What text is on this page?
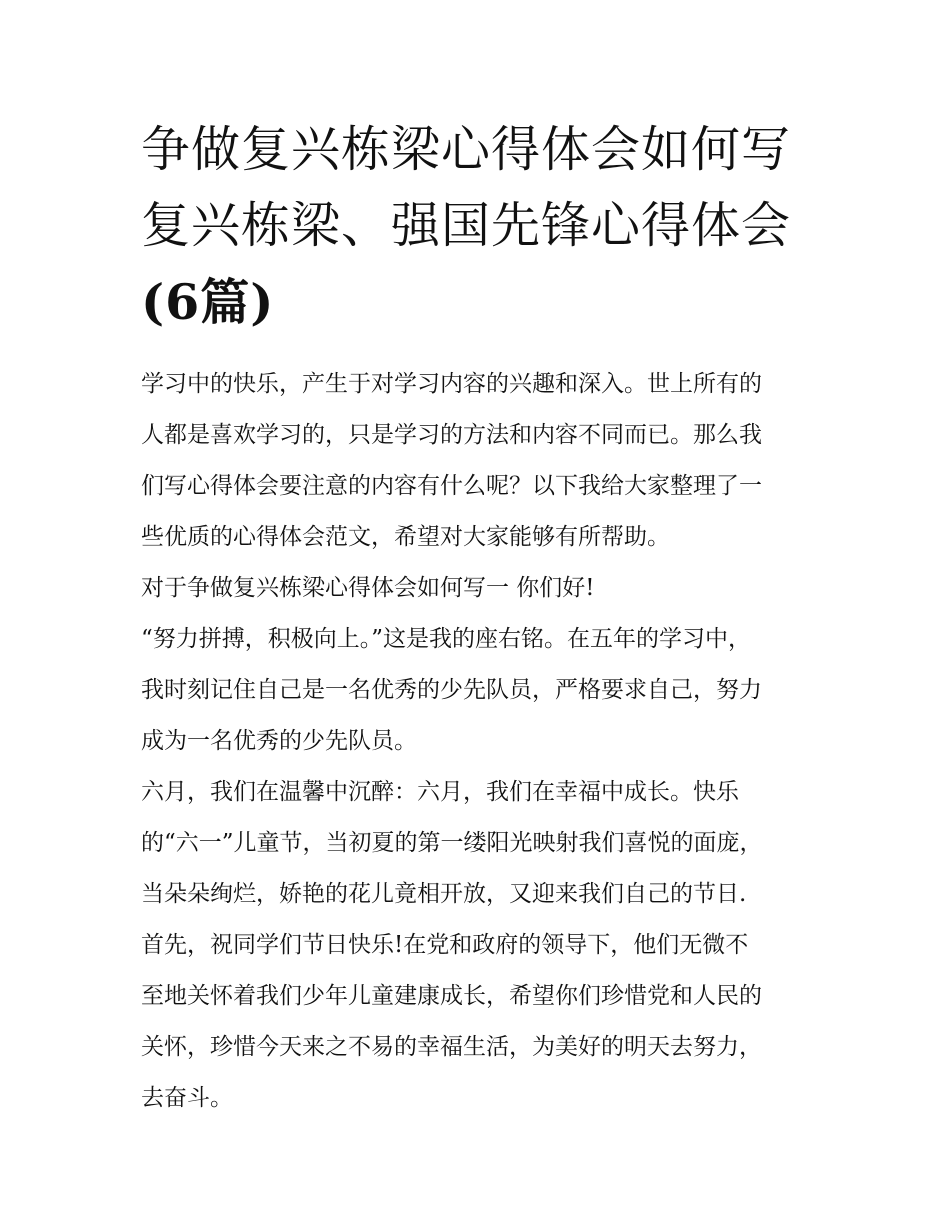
争做复兴栋梁心得体会如何写
复兴栋梁、强国先锋心得体会
(6篇)
学习中的快乐，产生于对学习内容的兴趣和深入。世上所有的
人都是喜欢学习的，只是学习的方法和内容不同而已。那么我
们写心得体会要注意的内容有什么呢？以下我给大家整理了一
些优质的心得体会范文，希望对大家能够有所帮助。
对于争做复兴栋梁心得体会如何写一 你们好!
“努力拼搏，积极向上。”这是我的座右铭。在五年的学习中，
我时刻记住自己是一名优秀的少先队员，严格要求自己，努力
成为一名优秀的少先队员。
六月，我们在温馨中沉醉：六月，我们在幸福中成长。快乐
的“六一”儿童节，当初夏的第一缕阳光映射我们喜悦的面庞，
当朵朵绚烂，娇艳的花儿竟相开放，又迎来我们自己的节日.
首先，祝同学们节日快乐!在党和政府的领导下，他们无微不
至地关怀着我们少年儿童建康成长，希望你们珍惜党和人民的
关怀，珍惜今天来之不易的幸福生活，为美好的明天去努力，
去奋斗。
